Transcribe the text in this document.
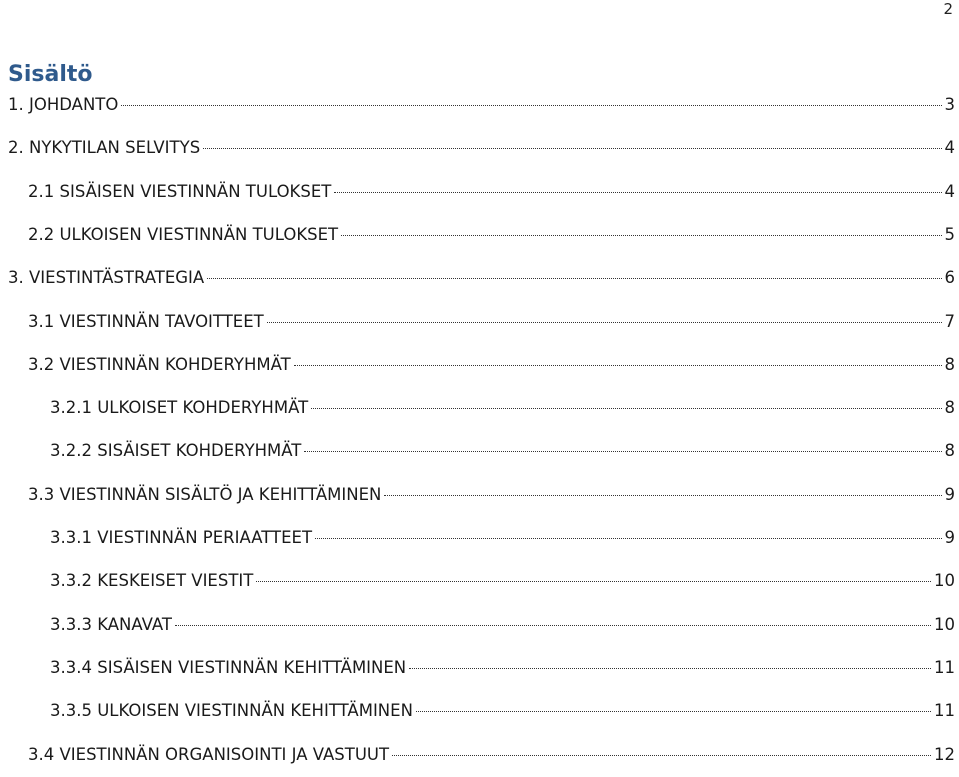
2
Sisältö
1. JOHDANTO	3
2. NYKYTILAN SELVITYS	4
2.1 SISÄISEN VIESTINNÄN TULOKSET	4
2.2 ULKOISEN VIESTINNÄN TULOKSET	5
3. VIESTINTÄSTRATEGIA	6
3.1 VIESTINNÄN TAVOITTEET	7
3.2 VIESTINNÄN KOHDERYHMÄT	8
3.2.1 ULKOISET KOHDERYHMÄT	8
3.2.2 SISÄISET KOHDERYHMÄT	8
3.3 VIESTINNÄN SISÄLTÖ JA KEHITTÄMINEN	9
3.3.1 VIESTINNÄN PERIAATTEET	9
3.3.2 KESKEISET VIESTIT	10
3.3.3 KANAVAT	10
3.3.4 SISÄISEN VIESTINNÄN KEHITTÄMINEN	11
3.3.5 ULKOISEN VIESTINNÄN KEHITTÄMINEN	11
3.4 VIESTINNÄN ORGANISOINTI JA VASTUUT	12
